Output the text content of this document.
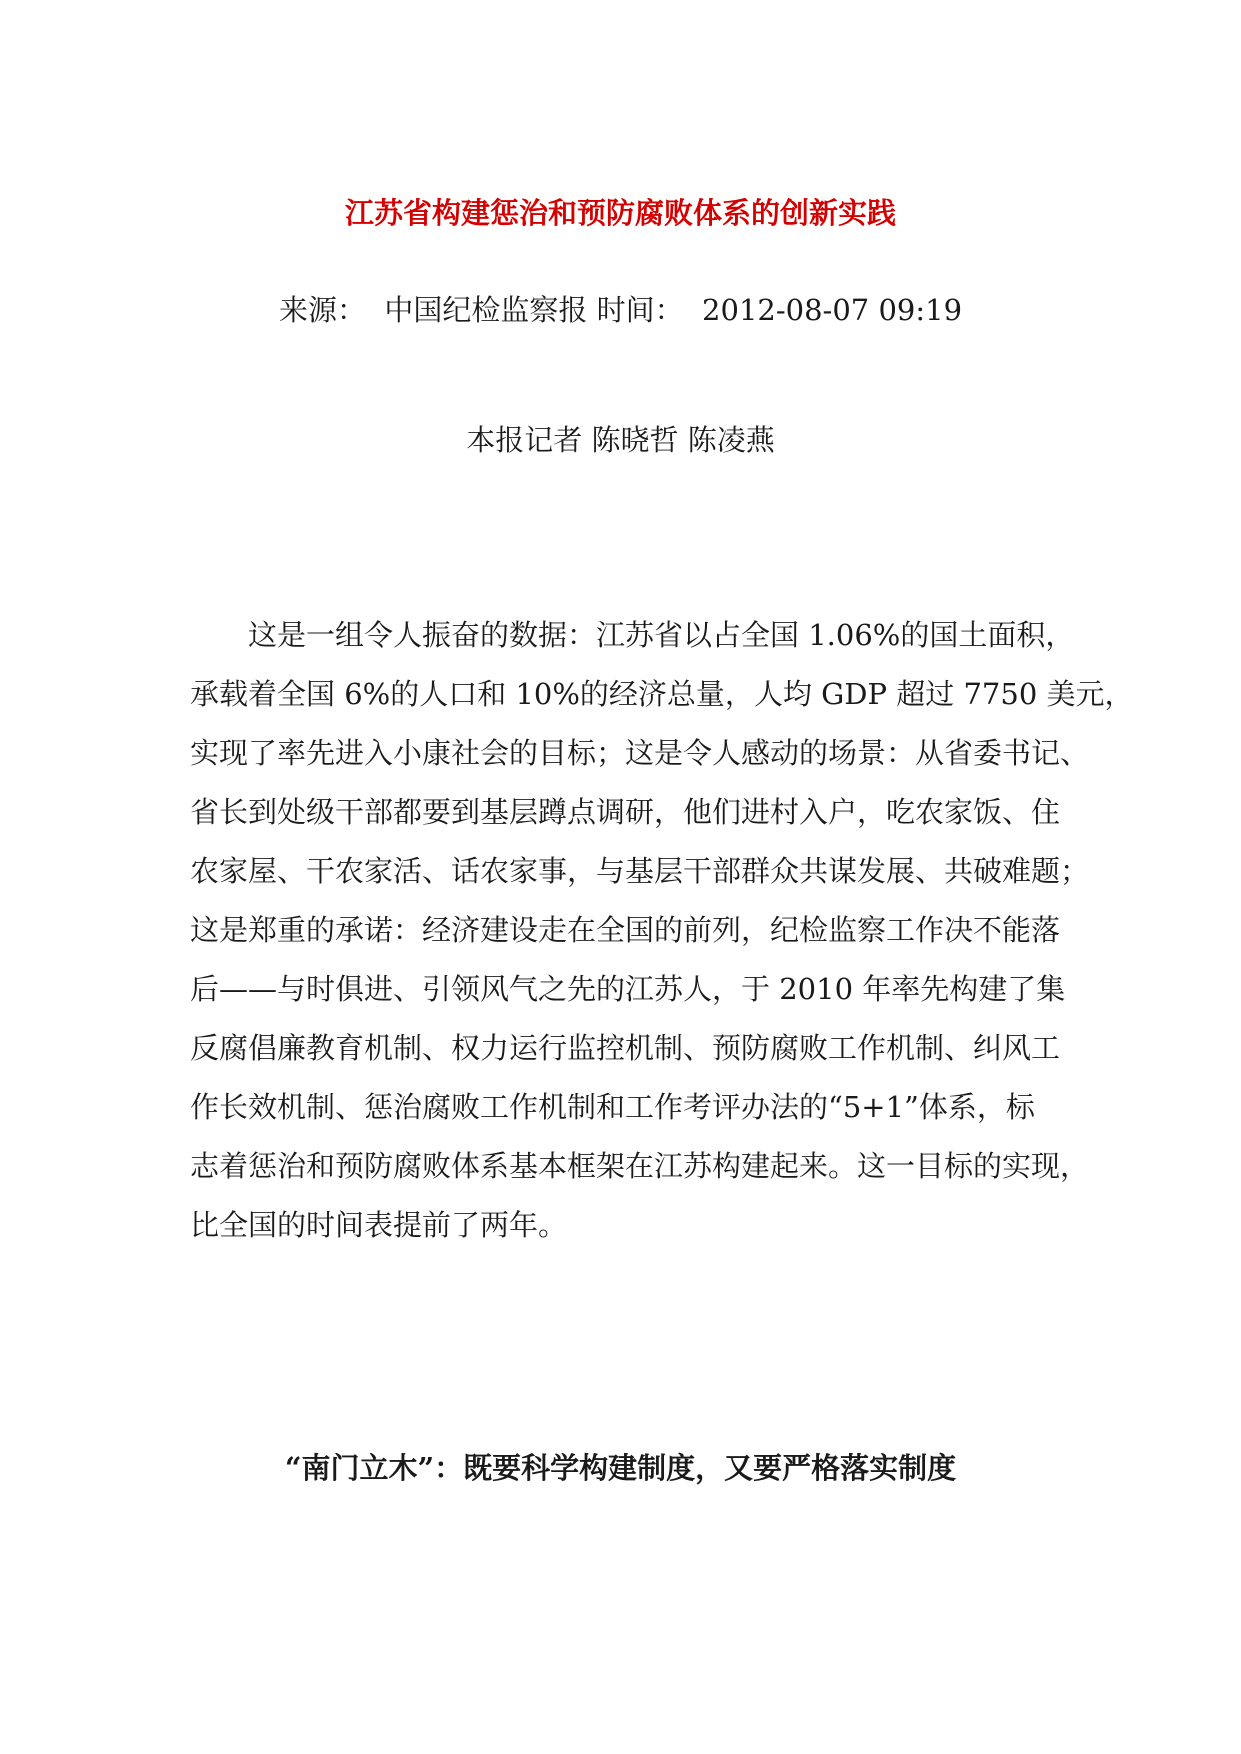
江苏省构建惩治和预防腐败体系的创新实践
来源：  中国纪检监察报 时间：  2012-08-07 09:19
本报记者 陈晓哲 陈凌燕

这是一组令人振奋的数据：江苏省以占全国 1.06%的国土面积，
承载着全国 6%的人口和 10%的经济总量，人均 GDP 超过 7750 美元，
实现了率先进入小康社会的目标；这是令人感动的场景：从省委书记、
省长到处级干部都要到基层蹲点调研，他们进村入户，吃农家饭、住
农家屋、干农家活、话农家事，与基层干部群众共谋发展、共破难题；
这是郑重的承诺：经济建设走在全国的前列，纪检监察工作决不能落
后——与时俱进、引领风气之先的江苏人，于 2010 年率先构建了集
反腐倡廉教育机制、权力运行监控机制、预防腐败工作机制、纠风工
作长效机制、惩治腐败工作机制和工作考评办法的“5+1”体系，标
志着惩治和预防腐败体系基本框架在江苏构建起来。这一目标的实现，
比全国的时间表提前了两年。

“南门立木”：既要科学构建制度，又要严格落实制度
